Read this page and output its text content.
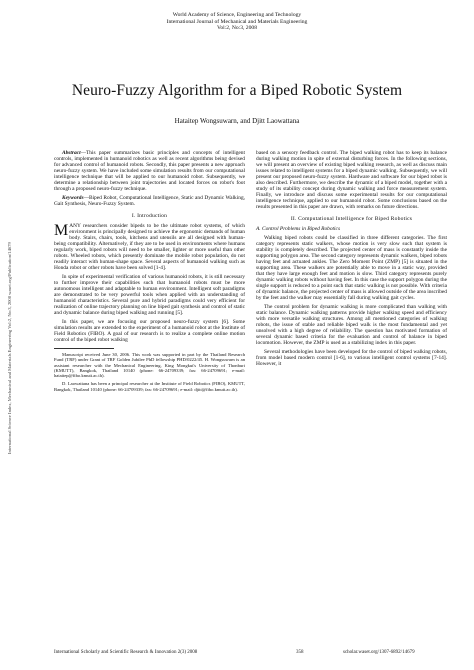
World Academy of Science, Engineering and Technology
International Journal of Mechanical and Materials Engineering
Vol:2, No:3, 2008
Neuro-Fuzzy Algorithm for a Biped Robotic System
Hataitep Wongsuwarn, and Djitt Laowattana
International Science Index, Mechanical and Materials Engineering Vol:2, No:3, 2008 waset.org/Publication/14679

Abstract—This paper summarizes basic principles and concepts of intelligent controls, implemented in humanoid robotics as well as recent algorithms being devised for advanced control of humanoid robots. Secondly, this paper presents a new approach neuro-fuzzy system. We have included some simulation results from our computational intelligence technique that will be applied to our humanoid robot. Subsequently, we determine a relationship between joint trajectories and located forces on robot's foot through a proposed neuro-fuzzy technique.

Keywords—Biped Robot, Computational Intelligence, Static and Dynamic Walking, Gait Synthesis, Neuro-Fuzzy System.

I. Introduction

MANY researchers consider bipeds to be the ultimate robot systems, of which environment is principally designed to achieve the ergonomic demands of human body. Stairs, chairs, tools, kitchens and utensils are all designed with human-being compatibility. Alternatively, if they are to be used in environments where humans regularly work, biped robots will need to be smaller, lighter or more useful than other robots. Wheeled robots, which presently dominate the mobile robot population, do not readily interact with human-shape space. Several aspects of humanoid walking such as Honda robot or other robots have been solved [1-4].

In spite of experimental verification of various humanoid robots, it is still necessary to further improve their capabilities such that humanoid robots must be more autonomous intelligent and adaptable to human environment. Intelligent soft paradigms are demonstrated to be very powerful tools when applied with an understanding of humanoid characteristics. Several pure and hybrid paradigms could very efficient for realization of online trajectory planning on line biped gait synthesis and control of static and dynamic balance during biped walking and running [5].

In this paper, we are focusing our proposed neuro-fuzzy system [6]. Some simulation results are extended to the experiment of a humanoid robot at the Institute of Field Robotics (FIBO). A goal of our research is to realize a complete online motion control of the biped robot walking

Manuscript received June 30, 2006. This work was supported in part by the Thailand Research Fund (TRF) under Grant of TRF Golden Jubilee PhD fellowship PHD/0222/45. H. Wongsuwarn is an assistant researcher with the Mechanical Engineering, King Mongkut's University of Thonburi (KMUTT), Bangkok, Thailand 10140 (phone: 66-24709339; fax: 66-24709691; e-mail: hataitep@fibo.kmutt.ac.th).

D. Laowattana has been a principal researcher at the Institute of Field Robotics (FIBO), KMUTT, Bangkok, Thailand 10140 (phone: 66-24709339; fax: 66-24709691; e-mail: djitt@fibo.kmutt.ac.th).

based on a sensory feedback control. The biped walking robot has to keep its balance during walking motion in spite of external disturbing forces. In the following sections, we will present an overview of existing biped walking research, as well as discuss main issues related to intelligent systems for a biped dynamic walking. Subsequently, we will present our proposed neuro-fuzzy system. Hardware and software for our biped robot is also described. Furthermore, we describe the dynamic of a biped model, together with a study of its stability concept during dynamic walking and force measurement system. Finally, we introduce and discuss some experimental results for our computational intelligence technique, applied to our humanoid robot. Some conclusions based on the results presented in this paper are drawn, with remarks on future directions.

II. Computational Intelligence for Biped Robotics
A. Control Problems in Biped Robotics

Walking biped robots could be classified in three different categories. The first category represents static walkers, whose motion is very slow such that system is stability is completely described. The projected center of mass is constantly inside the supporting polygon area. The second category represents dynamic walkers, biped robots having feet and actuated ankles. The Zero Moment Point (ZMP) [5] is situated in the supporting area. These walkers are potentially able to move in a static way, provided that they have large enough feet and motion is slow. Third category represents purely dynamic walking robots without having feet. In this case the support polygon during the single support is reduced to a point such that static walking is not possible. With criteria of dynamic balance, the projected center of mass is allowed outside of the area inscribed by the feet and the walker may essentially fall during walking gait cycles.

The control problem for dynamic walking is more complicated than walking with static balance. Dynamic walking patterns provide higher walking speed and efficiency with more versatile walking structures. Among all mentioned categories of walking robots, the issue of stable and reliable biped walk is the most fundamental and yet unsolved with a high degree of reliability. The question has motivated formation of several dynamic based criteria for the evaluation and control of balance in biped locomotion. However, the ZMP is used as a stabilizing index in this paper.

Several methodologies have been developed for the control of biped walking robots, from model based modern control [1-6], to various intelligent control systems [7-14]. However, it

International Scholarly and Scientific Research & Innovation 2(3) 2008	358	scholar.waset.org/1307-6892/14679
